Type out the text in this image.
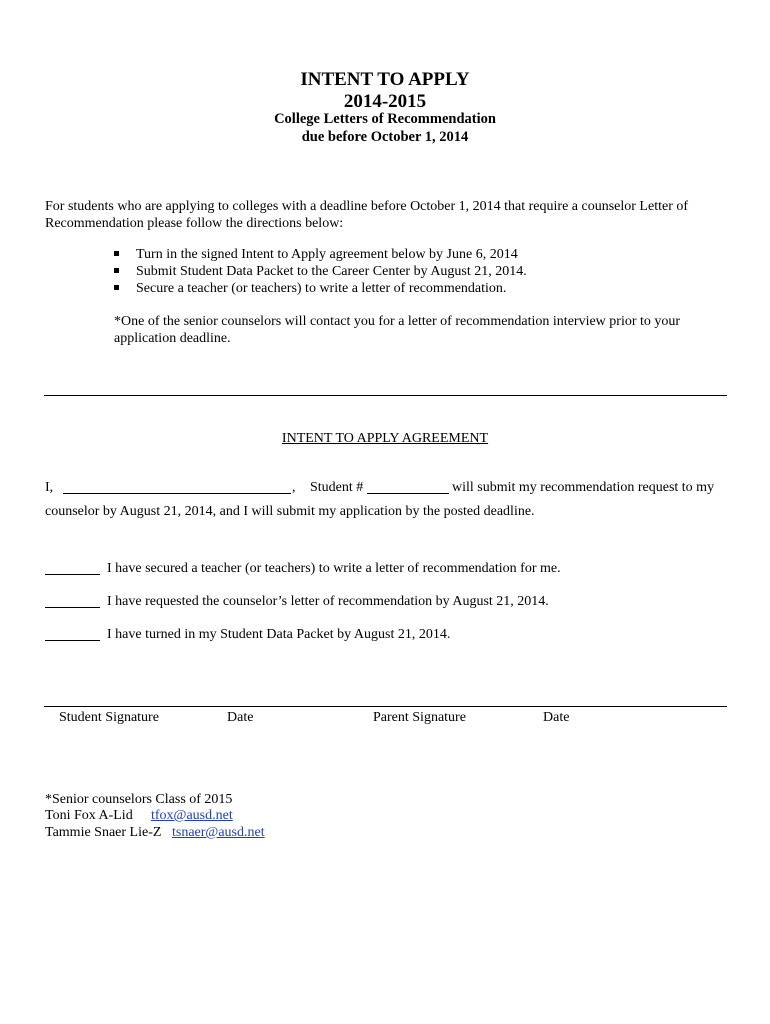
INTENT TO APPLY
2014-2015
College Letters of Recommendation
due before October 1, 2014
For students who are applying to colleges with a deadline before October 1, 2014 that require a counselor Letter of
Recommendation please follow the directions below:
Turn in the signed Intent to Apply agreement below by June 6, 2014
Submit Student Data Packet to the Career Center by August 21, 2014.
Secure a teacher (or teachers) to write a letter of recommendation.
*One of the senior counselors will contact you for a letter of recommendation interview prior to your
application deadline.
INTENT TO APPLY AGREEMENT
I,	, Student #	will submit my recommendation request to my
counselor by August 21, 2014, and I will submit my application by the posted deadline.
I have secured a teacher (or teachers) to write a letter of recommendation for me.
I have requested the counselor’s letter of recommendation by August 21, 2014.
I have turned in my Student Data Packet by August 21, 2014.
Student Signature	Date	Parent Signature	Date
*Senior counselors Class of 2015
Toni Fox A-Lid tfox@ausd.net
Tammie Snaer Lie-Z tsnaer@ausd.net
